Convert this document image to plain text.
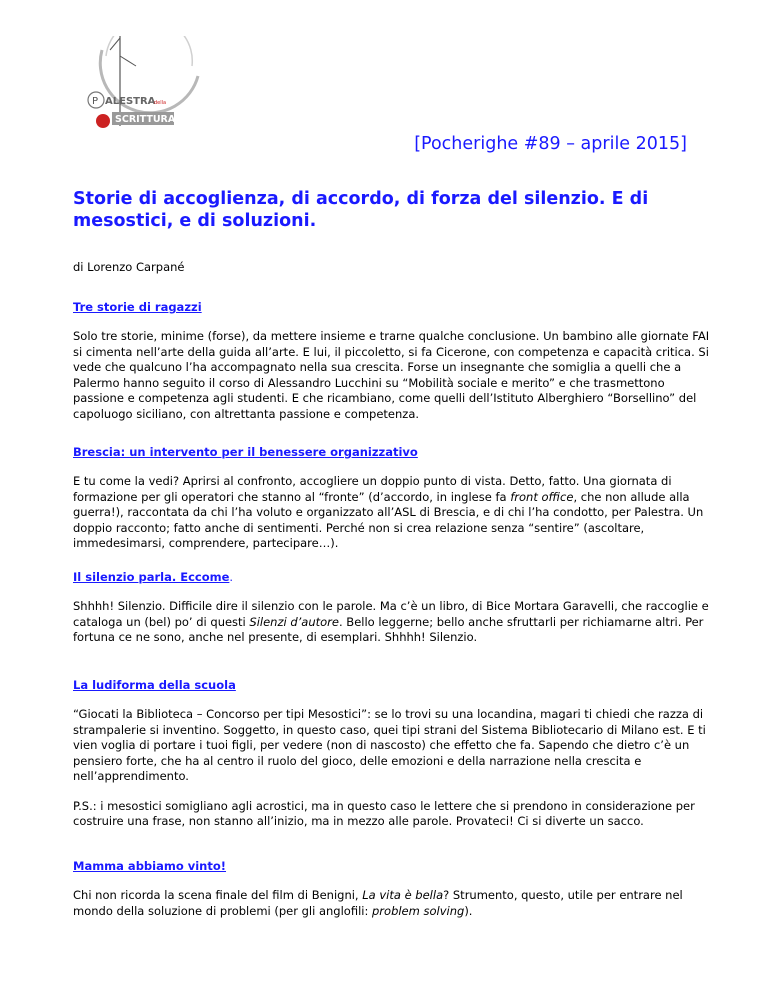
P ALESTRA
della
SCRITTURA
[Pocherighe #89 – aprile 2015]
Storie di accoglienza, di accordo, di forza del silenzio. E di mesostici, e di soluzioni.
di Lorenzo Carpané
Tre storie di ragazzi

Solo tre storie, minime (forse), da mettere insieme e trarne qualche conclusione. Un bambino alle giornate FAI si cimenta nell’arte della guida all’arte. E lui, il piccoletto, si fa Cicerone, con competenza e capacità critica. Si vede che qualcuno l’ha accompagnato nella sua crescita. Forse un insegnante che somiglia a quelli che a Palermo hanno seguito il corso di Alessandro Lucchini su “Mobilità sociale e merito” e che trasmettono passione e competenza agli studenti. E che ricambiano, come quelli dell’Istituto Alberghiero “Borsellino” del capoluogo siciliano, con altrettanta passione e competenza.

Brescia: un intervento per il benessere organizzativo

E tu come la vedi? Aprirsi al confronto, accogliere un doppio punto di vista. Detto, fatto. Una giornata di formazione per gli operatori che stanno al “fronte” (d’accordo, in inglese fa front office, che non allude alla guerra!), raccontata da chi l’ha voluto e organizzato all’ASL di Brescia, e di chi l’ha condotto, per Palestra. Un doppio racconto; fatto anche di sentimenti. Perché non si crea relazione senza “sentire” (ascoltare, immedesimarsi, comprendere, partecipare…).

Il silenzio parla. Eccome.

Shhhh! Silenzio. Difficile dire il silenzio con le parole. Ma c’è un libro, di Bice Mortara Garavelli, che raccoglie e cataloga un (bel) po’ di questi Silenzi d’autore. Bello leggerne; bello anche sfruttarli per richiamarne altri. Per fortuna ce ne sono, anche nel presente, di esemplari. Shhhh! Silenzio.

La ludiforma della scuola

“Giocati la Biblioteca – Concorso per tipi Mesostici”: se lo trovi su una locandina, magari ti chiedi che razza di strampalerie si inventino. Soggetto, in questo caso, quei tipi strani del Sistema Bibliotecario di Milano est. E ti vien voglia di portare i tuoi figli, per vedere (non di nascosto) che effetto che fa. Sapendo che dietro c’è un pensiero forte, che ha al centro il ruolo del gioco, delle emozioni e della narrazione nella crescita e nell’apprendimento.

P.S.: i mesostici somigliano agli acrostici, ma in questo caso le lettere che si prendono in considerazione per costruire una frase, non stanno all’inizio, ma in mezzo alle parole. Provateci! Ci si diverte un sacco.

Mamma abbiamo vinto!

Chi non ricorda la scena finale del film di Benigni, La vita è bella? Strumento, questo, utile per entrare nel mondo della soluzione di problemi (per gli anglofili: problem solving).
